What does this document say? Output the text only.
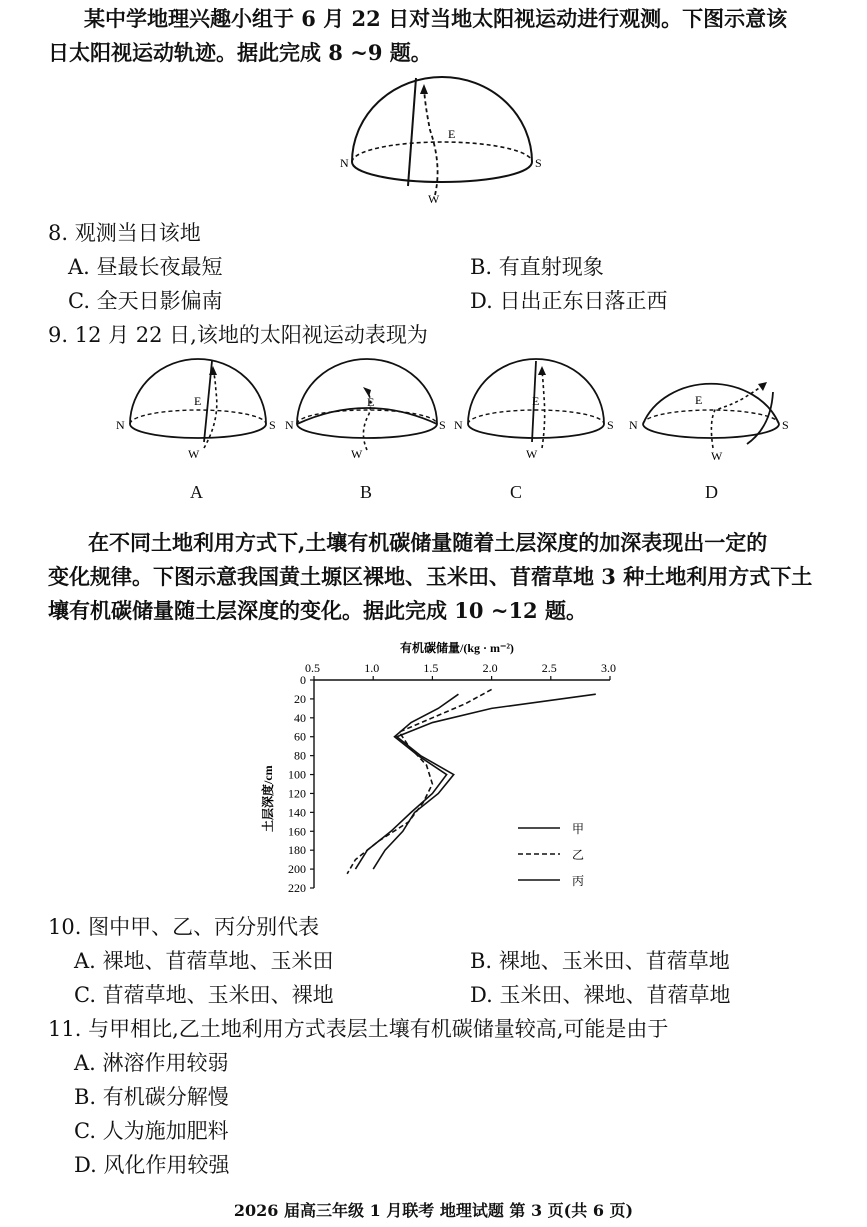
某中学地理兴趣小组于 6 月 22 日对当地太阳视运动进行观测。下图示意该
日太阳视运动轨迹。据此完成 8 ~9 题。
N	S
E
W
8. 观测当日该地
A. 昼最长夜最短	B. 有直射现象
C. 全天日影偏南	D. 日出正东日落正西
9. 12 月 22 日,该地的太阳视运动表现为
N	S
E
W
N	S
E
W
N	S
E
W
N	S
E
W
A	B	C	D
在不同土地利用方式下,土壤有机碳储量随着土层深度的加深表现出一定的
变化规律。下图示意我国黄土塬区裸地、玉米田、苜蓿草地 3 种土地利用方式下土
壤有机碳储量随土层深度的变化。据此完成 10 ~12 题。
有机碳储量/(kg · m⁻²)
0.5	1.0	1.5	2.0	2.5	3.0
0
20
40
60
80
100
120
140
160
180
200
220
土层深度/cm	甲
乙
丙
10. 图中甲、乙、丙分别代表
A. 裸地、苜蓿草地、玉米田	B. 裸地、玉米田、苜蓿草地
C. 苜蓿草地、玉米田、裸地	D. 玉米田、裸地、苜蓿草地
11. 与甲相比,乙土地利用方式表层土壤有机碳储量较高,可能是由于
A. 淋溶作用较弱
B. 有机碳分解慢
C. 人为施加肥料
D. 风化作用较强
2026 届高三年级 1 月联考 地理试题 第 3 页(共 6 页)
